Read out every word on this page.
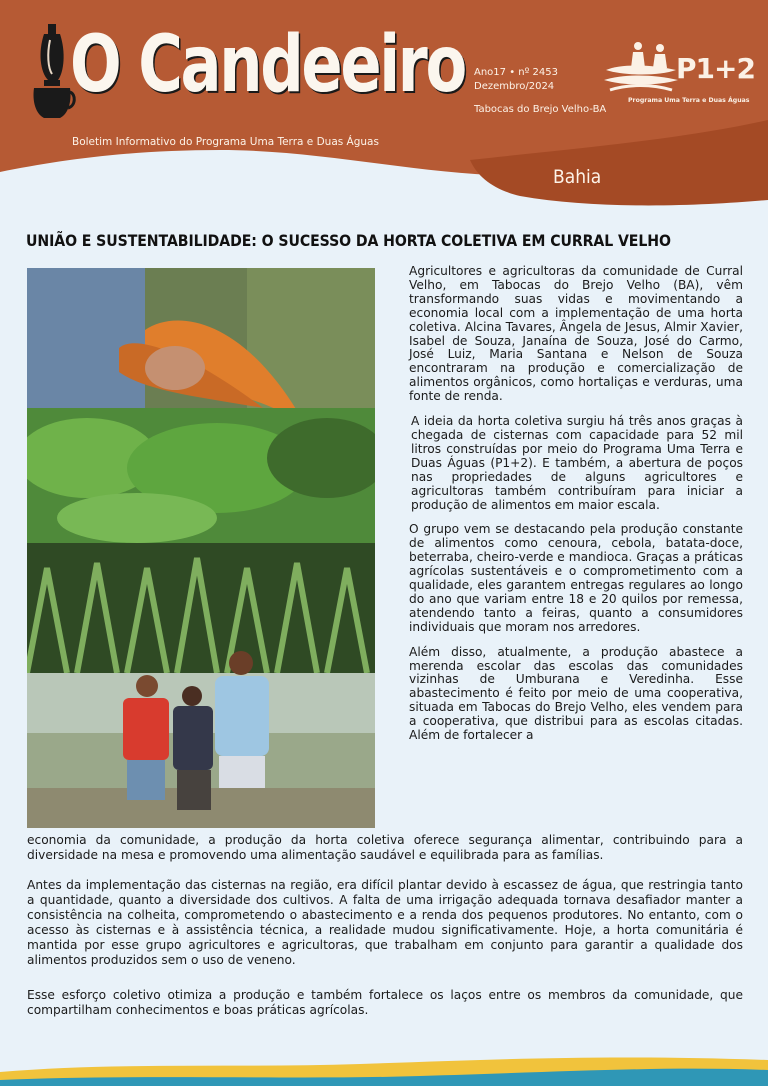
O Candeeiro
Boletim Informativo do Programa Uma Terra e Duas Águas
Ano17 • nº 2453
Dezembro/2024
Tabocas do Brejo Velho-BA
P1+2
Programa Uma Terra e Duas Águas
Bahia
UNIÃO E SUSTENTABILIDADE: O SUCESSO DA HORTA COLETIVA EM CURRAL VELHO

Agricultores e agricultoras da comunidade de Curral Velho, em Tabocas do Brejo Velho (BA), vêm transformando suas vidas e movimentando a economia local com a implementação de uma horta coletiva. Alcina Tavares, Ângela de Jesus, Almir Xavier, Isabel de Souza, Janaína de Souza, José do Carmo, José Luiz, Maria Santana e Nelson de Souza encontraram na produção e comercialização de alimentos orgânicos, como hortaliças e verduras, uma fonte de renda.

A ideia da horta coletiva surgiu há três anos graças à chegada de cisternas com capacidade para 52 mil litros construídas por meio do Programa Uma Terra e Duas Águas (P1+2). E também, a abertura de poços nas propriedades de alguns agricultores e agricultoras também contribuíram para iniciar a produção de alimentos em maior escala.

O grupo vem se destacando pela produção constante de alimentos como cenoura, cebola, batata-doce, beterraba, cheiro-verde e mandioca. Graças a práticas agrícolas sustentáveis e o comprometimento com a qualidade, eles garantem entregas regulares ao longo do ano que variam entre 18 e 20 quilos por remessa, atendendo tanto a feiras, quanto a consumidores individuais que moram nos arredores.

Além disso, atualmente, a produção abastece a merenda escolar das escolas das comunidades vizinhas de Umburana e Veredinha. Esse abastecimento é feito por meio de uma cooperativa, situada em Tabocas do Brejo Velho, eles vendem para a cooperativa, que distribui para as escolas citadas. Além de fortalecer a

economia da comunidade, a produção da horta coletiva oferece segurança alimentar, contribuindo para a diversidade na mesa e promovendo uma alimentação saudável e equilibrada para as famílias.

Antes da implementação das cisternas na região, era difícil plantar devido à escassez de água, que restringia tanto a quantidade, quanto a diversidade dos cultivos. A falta de uma irrigação adequada tornava desafiador manter a consistência na colheita, comprometendo o abastecimento e a renda dos pequenos produtores. No entanto, com o acesso às cisternas e à assistência técnica, a realidade mudou significativamente. Hoje, a horta comunitária é mantida por esse grupo agricultores e agricultoras, que trabalham em conjunto para garantir a qualidade dos alimentos produzidos sem o uso de veneno.

Esse esforço coletivo otimiza a produção e também fortalece os laços entre os membros da comunidade, que compartilham conhecimentos e boas práticas agrícolas.
